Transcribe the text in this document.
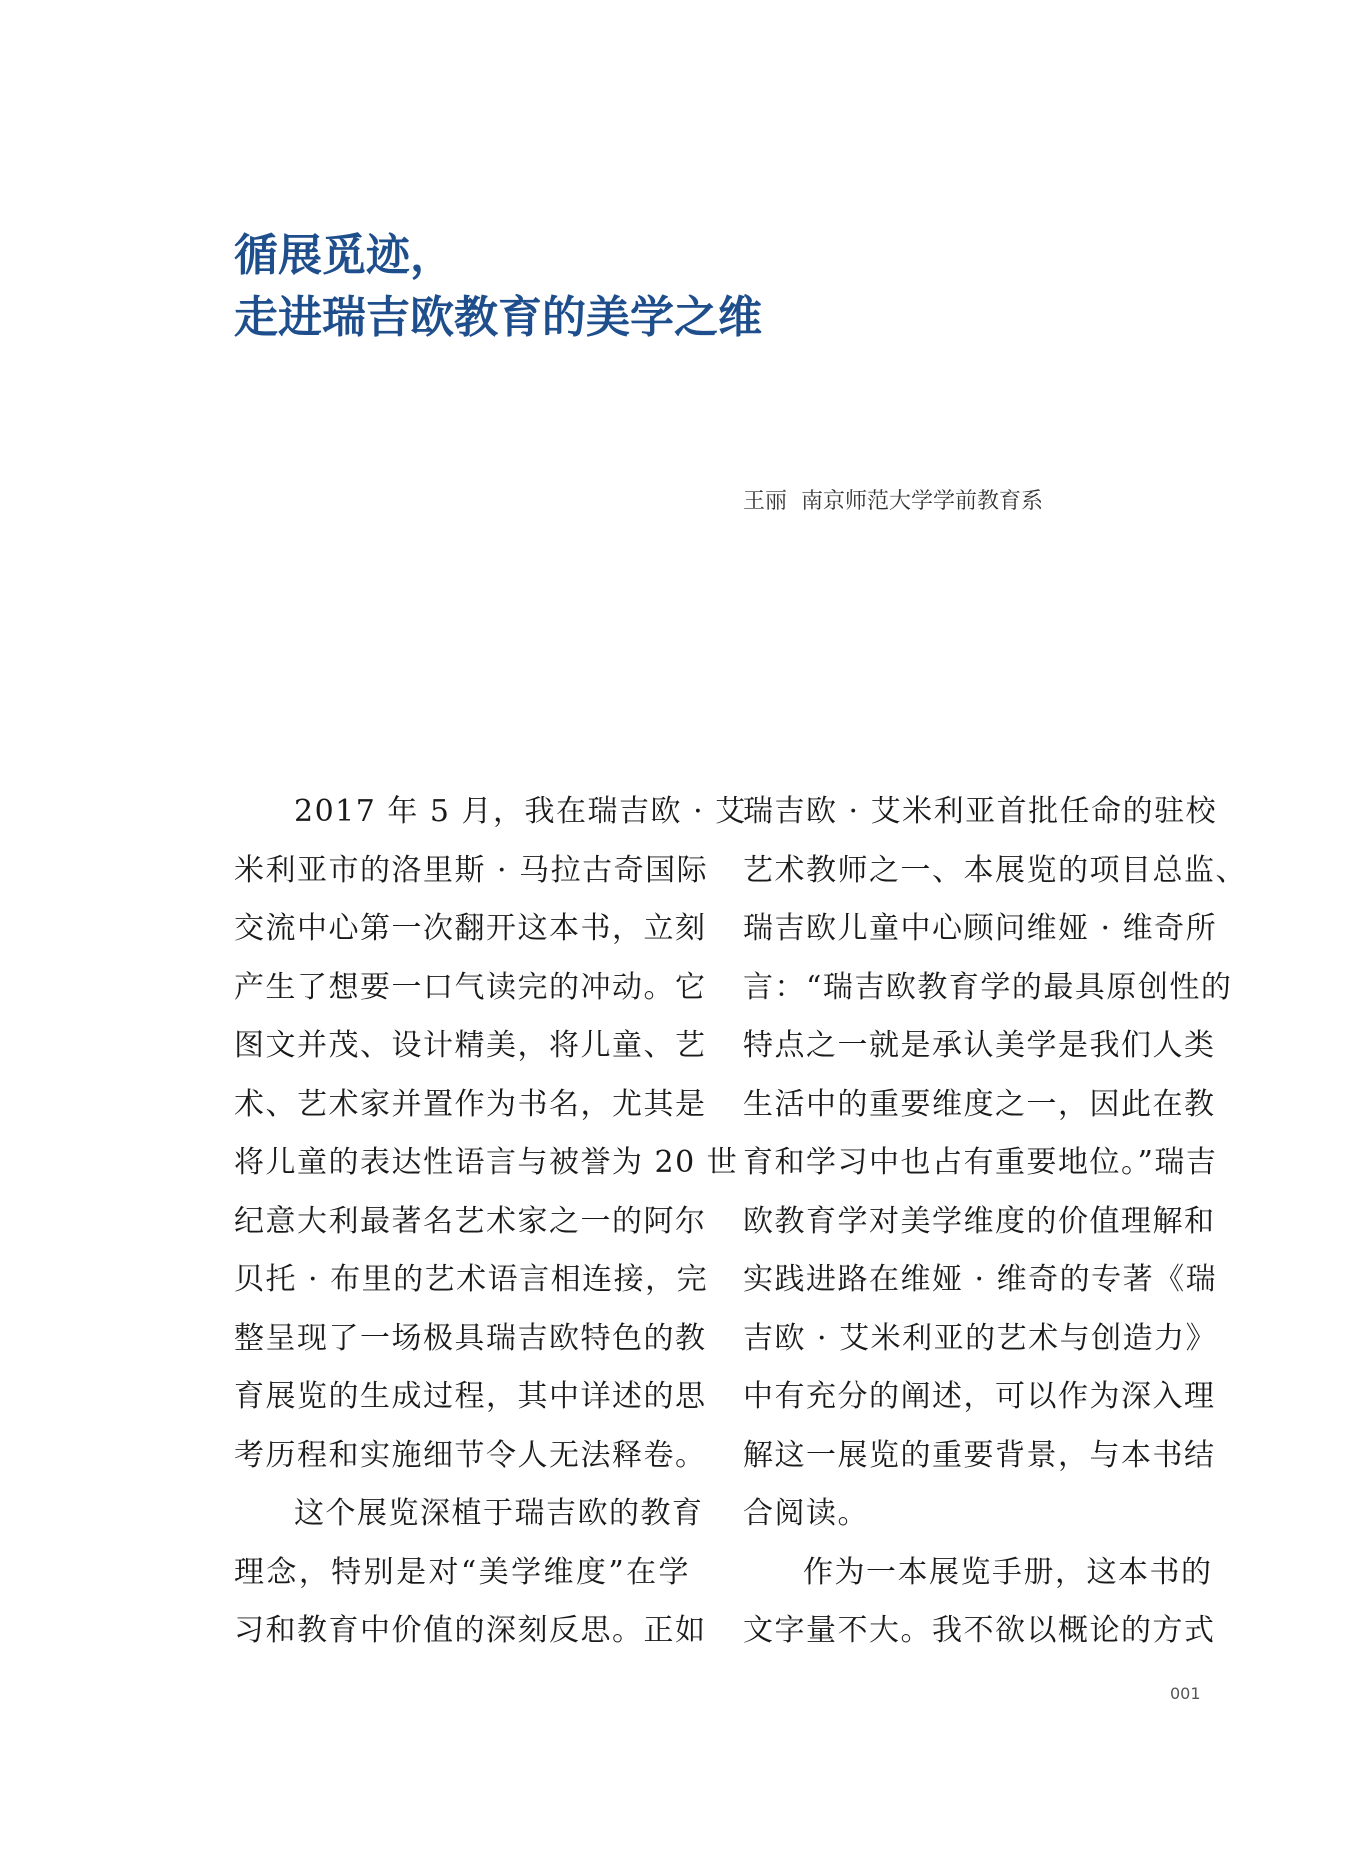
循展觅迹，
走进瑞吉欧教育的美学之维
王丽 南京师范大学学前教育系
2017 年 5 月，我在瑞吉欧 · 艾
米利亚市的洛里斯 · 马拉古奇国际
交流中心第一次翻开这本书，立刻
产生了想要一口气读完的冲动。它
图文并茂、设计精美，将儿童、艺
术、艺术家并置作为书名，尤其是
将儿童的表达性语言与被誉为 20 世
纪意大利最著名艺术家之一的阿尔
贝托 · 布里的艺术语言相连接，完
整呈现了一场极具瑞吉欧特色的教
育展览的生成过程，其中详述的思
考历程和实施细节令人无法释卷。
这个展览深植于瑞吉欧的教育
理念，特别是对“美学维度”在学
习和教育中价值的深刻反思。正如
瑞吉欧 · 艾米利亚首批任命的驻校
艺术教师之一、本展览的项目总监、
瑞吉欧儿童中心顾问维娅 · 维奇所
言：“瑞吉欧教育学的最具原创性的
特点之一就是承认美学是我们人类
生活中的重要维度之一，因此在教
育和学习中也占有重要地位。”瑞吉
欧教育学对美学维度的价值理解和
实践进路在维娅 · 维奇的专著《瑞
吉欧 · 艾米利亚的艺术与创造力》
中有充分的阐述，可以作为深入理
解这一展览的重要背景，与本书结
合阅读。
作为一本展览手册，这本书的
文字量不大。我不欲以概论的方式
001
